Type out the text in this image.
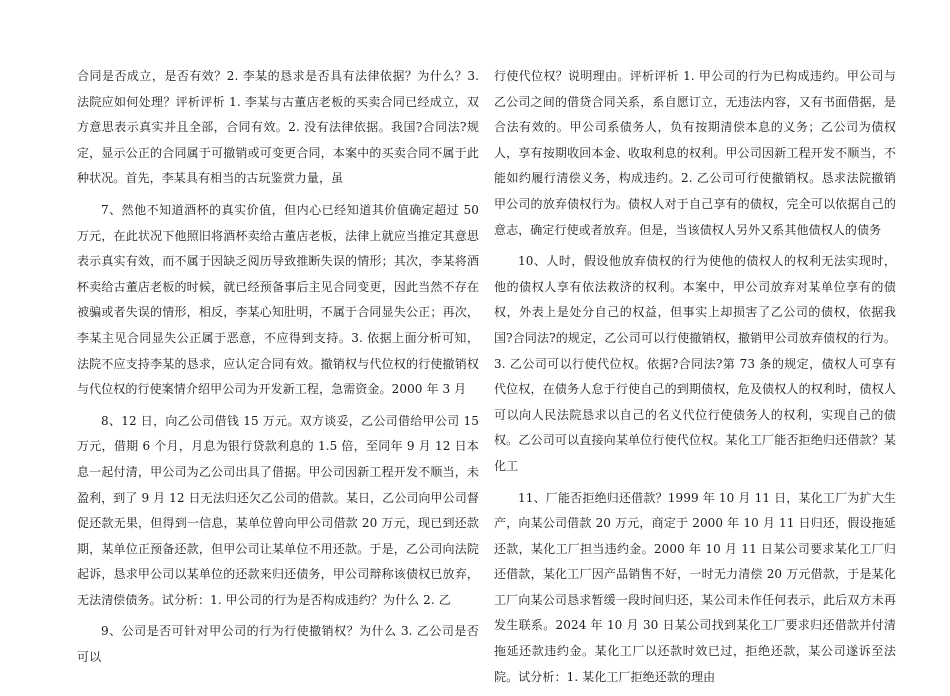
合同是否成立，是否有效？2. 李某的恳求是否具有法律依据？为什么？3. 法院应如何处理？评析评析 1. 李某与古董店老板的买卖合同已经成立，双方意思表示真实并且全部，合同有效。2. 没有法律依据。我国?合同法?规定，显示公正的合同属于可撤销或可变更合同，本案中的买卖合同不属于此种状况。首先，李某具有相当的古玩鉴赏力量，虽

7、然他不知道酒杯的真实价值，但内心已经知道其价值确定超过 50 万元，在此状况下他照旧将酒杯卖给古董店老板，法律上就应当推定其意思表示真实有效，而不属于因缺乏阅历导致推断失误的情形；其次，李某将酒杯卖给古董店老板的时候，就已经预备事后主见合同变更，因此当然不存在被骗或者失误的情形，相反，李某心知肚明，不属于合同显失公正；再次，李某主见合同显失公正属于恶意，不应得到支持。3. 依据上面分析可知，法院不应支持李某的恳求，应认定合同有效。撤销权与代位权的行使撤销权与代位权的行使案情介绍甲公司为开发新工程，急需资金。2000 年 3 月

8、12 日，向乙公司借钱 15 万元。双方谈妥，乙公司借给甲公司 15 万元，借期 6 个月，月息为银行贷款利息的 1.5 倍，至同年 9 月 12 日本息一起付清，甲公司为乙公司出具了借据。甲公司因新工程开发不顺当，未盈利，到了 9 月 12 日无法归还欠乙公司的借款。某日，乙公司向甲公司督促还款无果，但得到一信息，某单位曾向甲公司借款 20 万元，现已到还款期，某单位正预备还款，但甲公司让某单位不用还款。于是，乙公司向法院起诉，恳求甲公司以某单位的还款来归还债务，甲公司辩称该债权已放弃，无法清偿债务。试分析：1. 甲公司的行为是否构成违约？为什么 2. 乙

9、公司是否可针对甲公司的行为行使撤销权？为什么 3. 乙公司是否可以

行使代位权？说明理由。评析评析 1. 甲公司的行为已构成违约。甲公司与乙公司之间的借贷合同关系，系自愿订立，无违法内容，又有书面借据，是合法有效的。甲公司系债务人，负有按期清偿本息的义务；乙公司为债权人，享有按期收回本金、收取利息的权利。甲公司因新工程开发不顺当，不能如约履行清偿义务，构成违约。2. 乙公司可行使撤销权。恳求法院撤销甲公司的放弃债权行为。债权人对于自己享有的债权，完全可以依据自己的意志，确定行使或者放弃。但是，当该债权人另外又系其他债权人的债务

10、人时，假设他放弃债权的行为使他的债权人的权利无法实现时，他的债权人享有依法救济的权利。本案中，甲公司放弃对某单位享有的债权，外表上是处分自己的权益，但事实上却损害了乙公司的债权，依据我国?合同法?的规定，乙公司可以行使撤销权，撤销甲公司放弃债权的行为。3. 乙公司可以行使代位权。依据?合同法?第 73 条的规定，债权人可享有代位权，在债务人怠于行使自己的到期债权，危及债权人的权利时，债权人可以向人民法院恳求以自己的名义代位行使债务人的权利，实现自己的债权。乙公司可以直接向某单位行使代位权。某化工厂能否拒绝归还借款？某化工

11、厂能否拒绝归还借款？1999 年 10 月 11 日，某化工厂为扩大生产，向某公司借款 20 万元，商定于 2000 年 10 月 11 日归还，假设拖延还款，某化工厂担当违约金。2000 年 10 月 11 日某公司要求某化工厂归还借款，某化工厂因产品销售不好，一时无力清偿 20 万元借款，于是某化工厂向某公司恳求暂缓一段时间归还，某公司未作任何表示，此后双方未再发生联系。2024 年 10 月 30 日某公司找到某化工厂要求归还借款并付清拖延还款违约金。某化工厂以还款时效已过，拒绝还款，某公司遂诉至法院。试分析：1. 某化工厂拒绝还款的理由
